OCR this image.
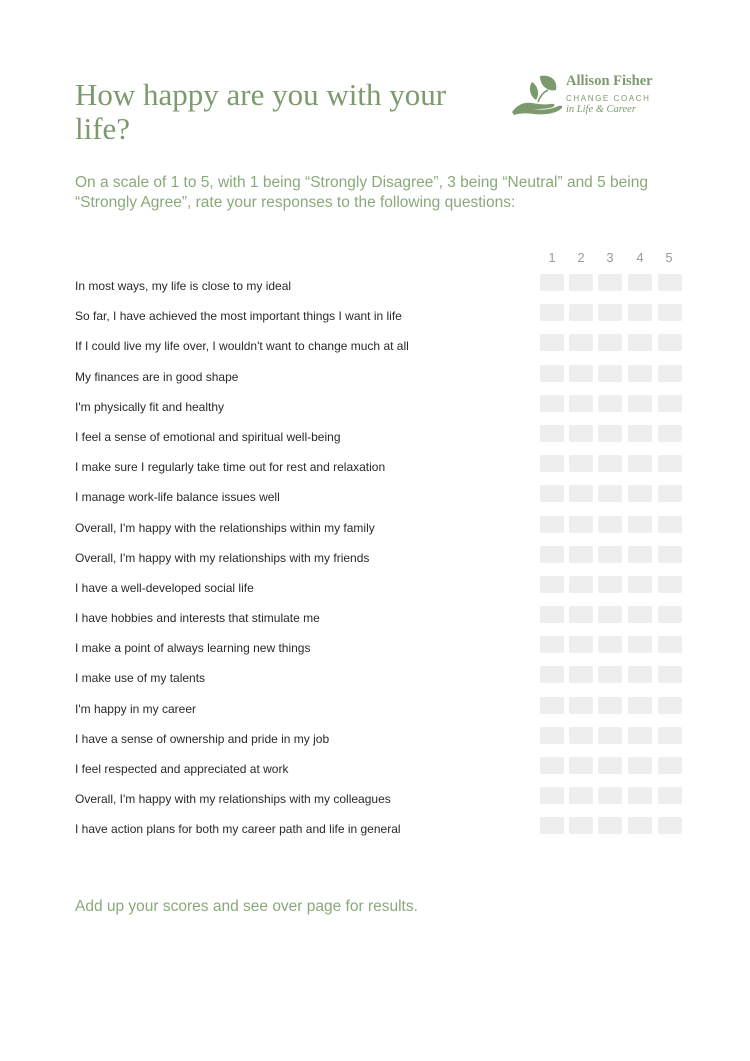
How happy are you with your life?
Allison Fisher
CHANGE COACH
in Life & Career

On a scale of 1 to 5, with 1 being “Strongly Disagree”, 3 being “Neutral” and 5 being “Strongly Agree”, rate your responses to the following questions:

1	2	3	4	5
In most ways, my life is close to my ideal
So far, I have achieved the most important things I want in life
If I could live my life over, I wouldn't want to change much at all
My finances are in good shape
I'm physically fit and healthy
I feel a sense of emotional and spiritual well-being
I make sure I regularly take time out for rest and relaxation
I manage work-life balance issues well
Overall, I'm happy with the relationships within my family
Overall, I'm happy with my relationships with my friends
I have a well-developed social life
I have hobbies and interests that stimulate me
I make a point of always learning new things
I make use of my talents
I'm happy in my career
I have a sense of ownership and pride in my job
I feel respected and appreciated at work
Overall, I'm happy with my relationships with my colleagues
I have action plans for both my career path and life in general

Add up your scores and see over page for results.
